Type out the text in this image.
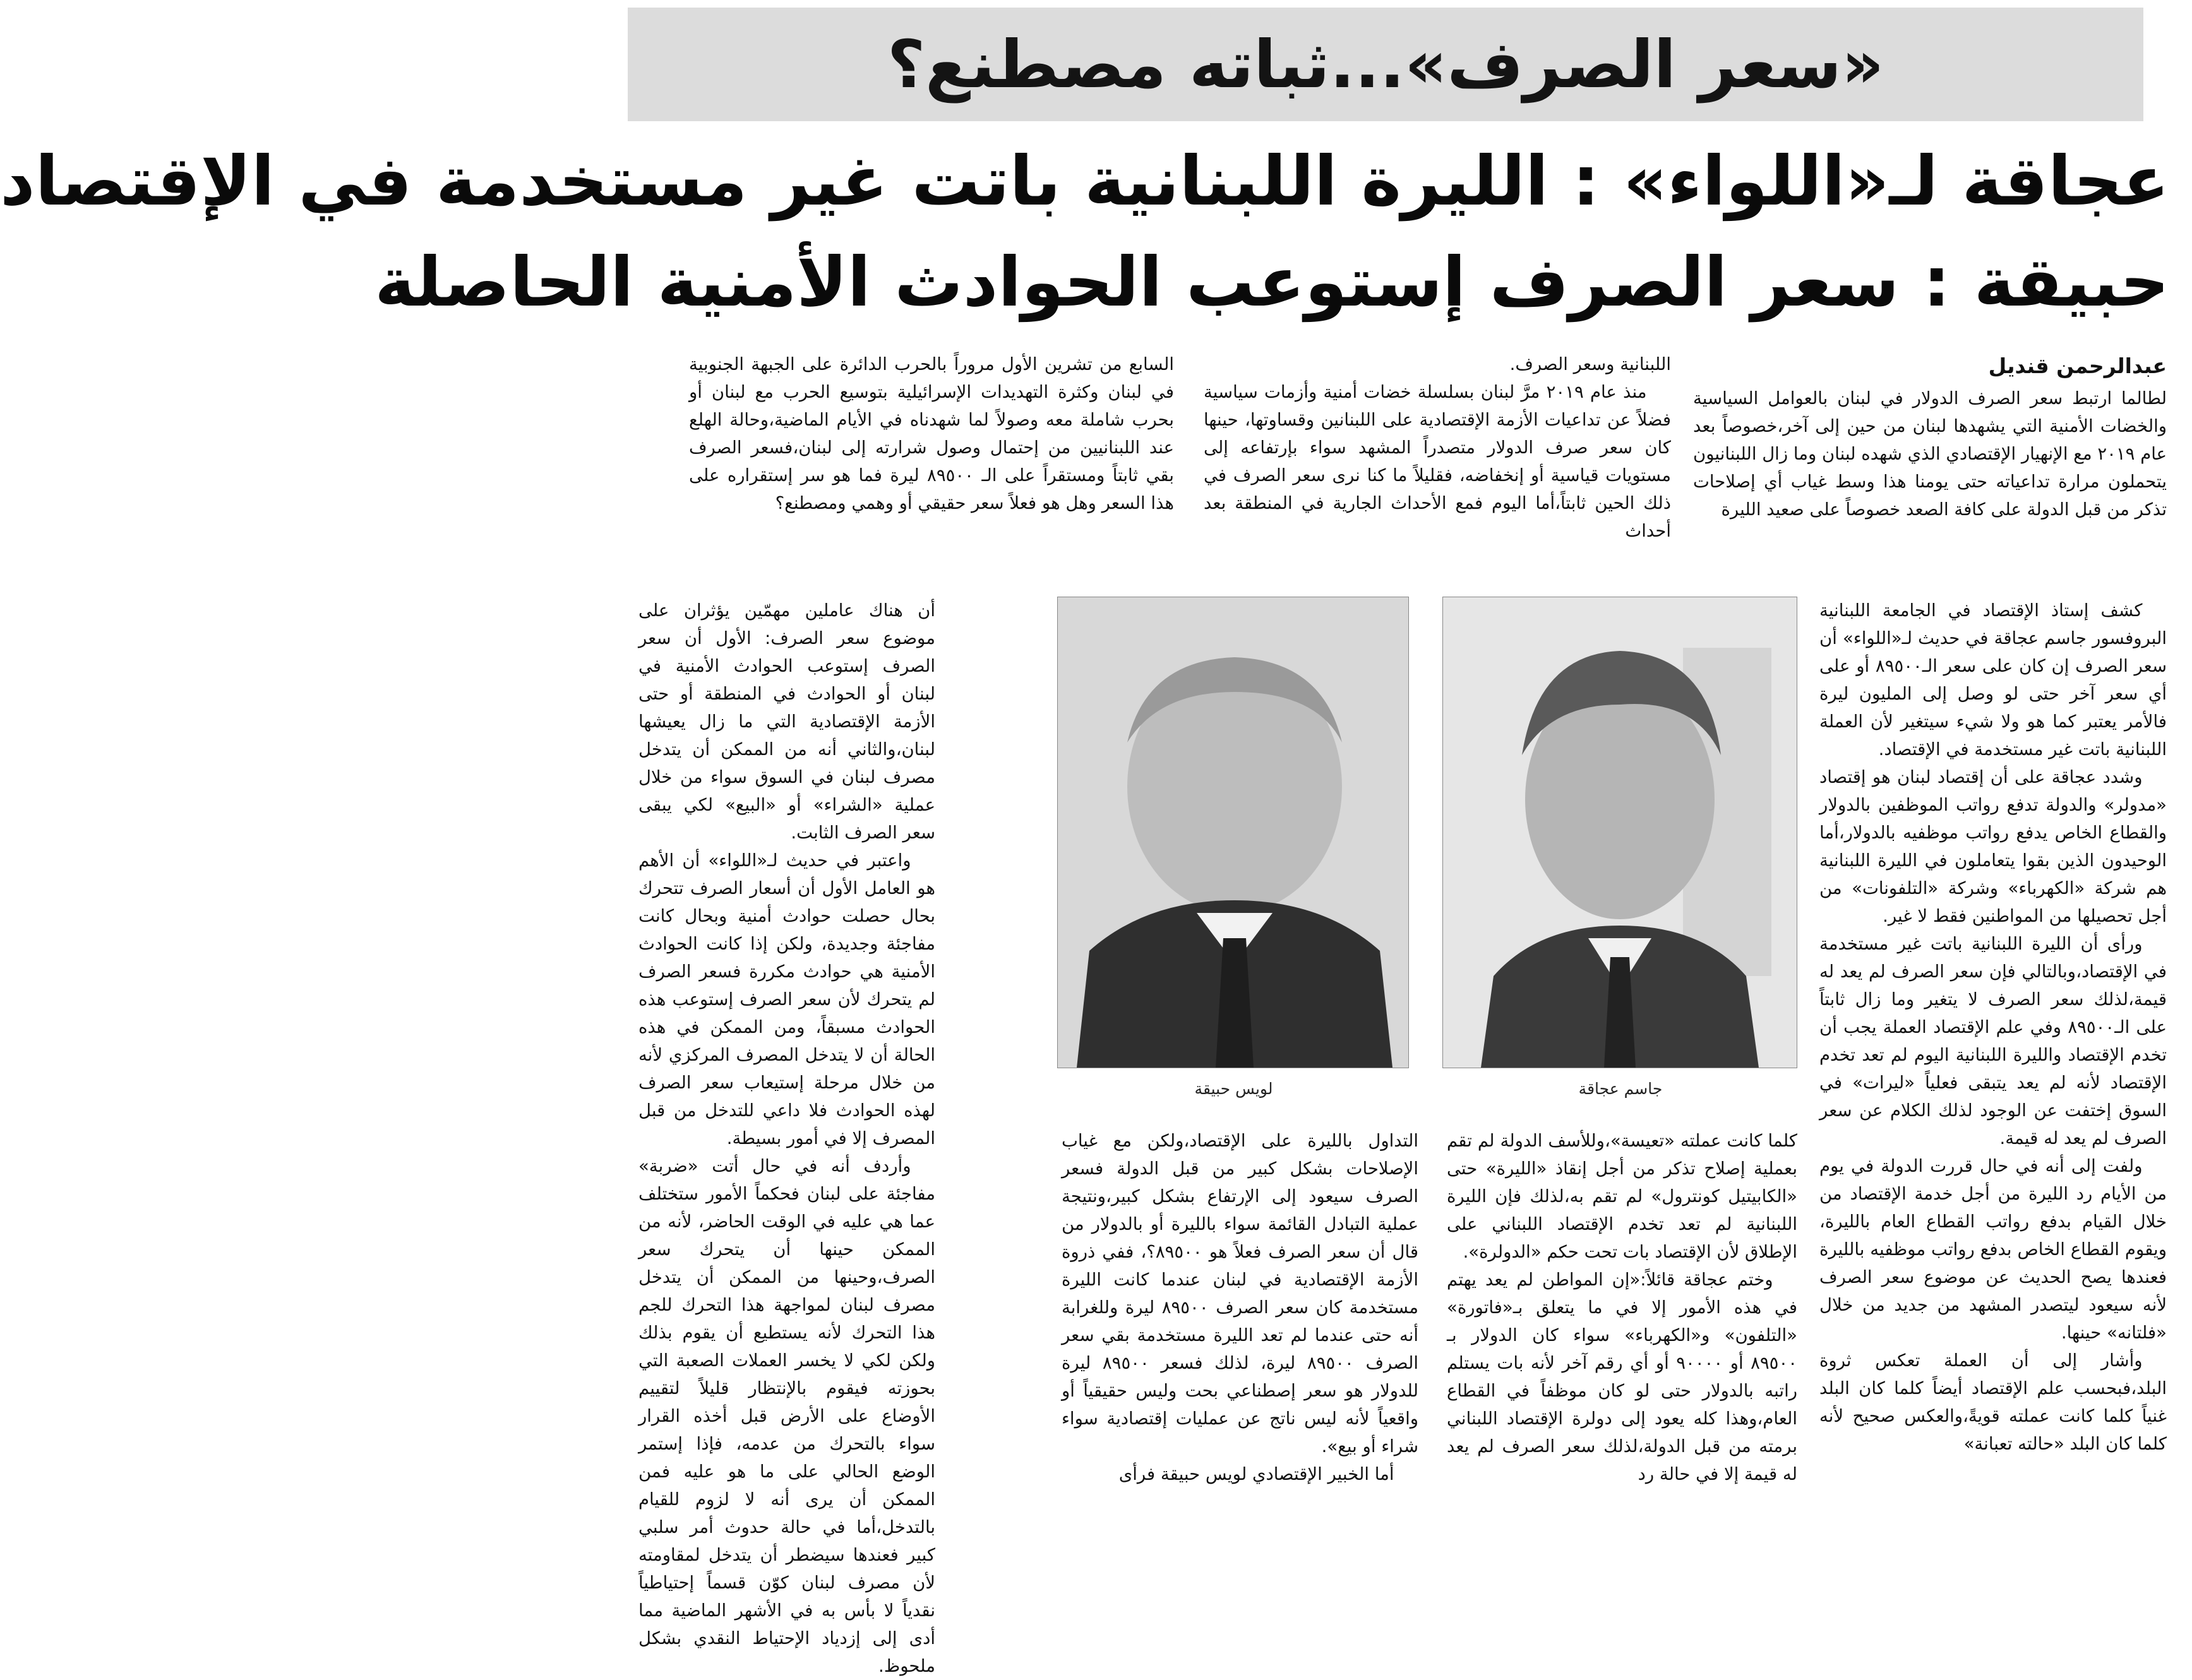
«سعر الصرف»...ثباته مصطنع؟
عجاقة لـ«اللواء» : الليرة اللبنانية باتت غير مستخدمة في الإقتصاد
حبيقة : سعر الصرف إستوعب الحوادث الأمنية الحاصلة
عبدالرحمن قنديل

لطالما ارتبط سعر الصرف الدولار في لبنان بالعوامل السياسية والخضات الأمنية التي يشهدها لبنان من حين إلى آخر،خصوصاً بعد عام ٢٠١٩ مع الإنهيار الإقتصادي الذي شهده لبنان وما زال اللبنانيون يتحملون مرارة تداعياته حتى يومنا هذا وسط غياب أي إصلاحات تذكر من قبل الدولة على كافة الصعد خصوصاً على صعيد الليرة

اللبنانية وسعر الصرف.

منذ عام ٢٠١٩ مرَّ لبنان بسلسلة خضات أمنية وأزمات سياسية فضلاً عن تداعيات الأزمة الإقتصادية على اللبنانين وقساوتها، حينها كان سعر صرف الدولار متصدراً المشهد سواء بإرتفاعه إلى مستويات قياسية أو إنخفاضه، فقليلاً ما كنا نرى سعر الصرف في ذلك الحين ثابتاً،أما اليوم فمع الأحداث الجارية في المنطقة بعد أحداث

السابع من تشرين الأول مروراً بالحرب الدائرة على الجبهة الجنوبية في لبنان وكثرة التهديدات الإسرائيلية بتوسيع الحرب مع لبنان أو بحرب شاملة معه وصولاً لما شهدناه في الأيام الماضية،وحالة الهلع عند اللبنانيين من إحتمال وصول شرارته إلى لبنان،فسعر الصرف بقي ثابتاً ومستقراً على الـ ٨٩٥٠٠ ليرة فما هو سر إستقراره على هذا السعر وهل هو فعلاً سعر حقيقي أو وهمي ومصطنع؟

كشف إستاذ الإقتصاد في الجامعة اللبنانية البروفسور جاسم عجاقة في حديث لـ«اللواء» أن سعر الصرف إن كان على سعر الـ٨٩٥٠٠ أو على أي سعر آخر حتى لو وصل إلى المليون ليرة فالأمر يعتبر كما هو ولا شيء سيتغير لأن العملة اللبنانية باتت غير مستخدمة في الإقتصاد.

وشدد عجاقة على أن إقتصاد لبنان هو إقتصاد «مدولر» والدولة تدفع رواتب الموظفين بالدولار والقطاع الخاص يدفع رواتب موظفيه بالدولار،أما الوحيدون الذين بقوا يتعاملون في الليرة اللبنانية هم شركة «الكهرباء» وشركة «التلفونات» من أجل تحصيلها من المواطنين فقط لا غير.

ورأى أن الليرة اللبنانية باتت غير مستخدمة في الإقتصاد،وبالتالي فإن سعر الصرف لم يعد له قيمة،لذلك سعر الصرف لا يتغير وما زال ثابتاً على الـ٨٩٥٠٠ وفي علم الإقتصاد العملة يجب أن تخدم الإقتصاد والليرة اللبنانية اليوم لم تعد تخدم الإقتصاد لأنه لم يعد يتبقى فعلياً «ليرات» في السوق إختفت عن الوجود لذلك الكلام عن سعر الصرف لم يعد له قيمة.

ولفت إلى أنه في حال قررت الدولة في يوم من الأيام رد الليرة من أجل خدمة الإقتصاد من خلال القيام بدفع رواتب القطاع العام بالليرة، ويقوم القطاع الخاص بدفع رواتب موظفيه بالليرة فعندها يصح الحديث عن موضوع سعر الصرف لأنه سيعود ليتصدر المشهد من جديد من خلال «فلتانه» حينها.

وأشار إلى أن العملة تعكس ثروة البلد،فبحسب علم الإقتصاد أيضاً كلما كان البلد غنياً كلما كانت عملته قويةً،والعكس صحيح لأنه كلما كان البلد «حالته تعبانة»

جاسم عجاقة
لويس حبيقة

كلما كانت عملته «تعيسة»،وللأسف الدولة لم تقم بعملية إصلاح تذكر من أجل إنقاذ «الليرة» حتى «الكابيتيل كونترول» لم تقم به،لذلك فإن الليرة اللبنانية لم تعد تخدم الإقتصاد اللبناني على الإطلاق لأن الإقتصاد بات تحت حكم «الدولرة».

وختم عجاقة قائلاً:«إن المواطن لم يعد يهتم في هذه الأمور إلا في ما يتعلق بـ«فاتورة» «التلفون» و«الكهرباء» سواء كان الدولار بـ ٨٩٥٠٠ أو ٩٠٠٠٠ أو أي رقم آخر لأنه بات يستلم راتبه بالدولار حتى لو كان موظفاً في القطاع العام،وهذا كله يعود إلى دولرة الإقتصاد اللبناني برمته من قبل الدولة،لذلك سعر الصرف لم يعد له قيمة إلا في حالة رد

التداول بالليرة على الإقتصاد،ولكن مع غياب الإصلاحات بشكل كبير من قبل الدولة فسعر الصرف سيعود إلى الإرتفاع بشكل كبير،ونتيجة عملية التبادل القائمة سواء بالليرة أو بالدولار من قال أن سعر الصرف فعلاً هو ٨٩٥٠٠؟، ففي ذروة الأزمة الإقتصادية في لبنان عندما كانت الليرة مستخدمة كان سعر الصرف ٨٩٥٠٠ ليرة وللغرابة أنه حتى عندما لم تعد الليرة مستخدمة بقي سعر الصرف ٨٩٥٠٠ ليرة، لذلك فسعر ٨٩٥٠٠ ليرة للدولار هو سعر إصطناعي بحت وليس حقيقياً أو واقعياً لأنه ليس ناتج عن عمليات إقتصادية سواء شراء أو بيع».

أما الخبير الإقتصادي لويس حبيقة فرأى

أن هناك عاملين مهمّين يؤثران على موضوع سعر الصرف: الأول أن سعر الصرف إستوعب الحوادث الأمنية في لبنان أو الحوادث في المنطقة أو حتى الأزمة الإقتصادية التي ما زال يعيشها لبنان،والثاني أنه من الممكن أن يتدخل مصرف لبنان في السوق سواء من خلال عملية «الشراء» أو «البيع» لكي يبقى سعر الصرف الثابت.

واعتبر في حديث لـ«اللواء» أن الأهم هو العامل الأول أن أسعار الصرف تتحرك بحال حصلت حوادث أمنية وبحال كانت مفاجئة وجديدة، ولكن إذا كانت الحوادث الأمنية هي حوادث مكررة فسعر الصرف لم يتحرك لأن سعر الصرف إستوعب هذه الحوادث مسبقاً، ومن الممكن في هذه الحالة أن لا يتدخل المصرف المركزي لأنه من خلال مرحلة إستيعاب سعر الصرف لهذه الحوادث فلا داعي للتدخل من قبل المصرف إلا في أمور بسيطة.

وأردف أنه في حال أتت «ضربة» مفاجئة على لبنان فحكماً الأمور ستختلف عما هي عليه في الوقت الحاضر، لأنه من الممكن حينها أن يتحرك سعر الصرف،وحينها من الممكن أن يتدخل مصرف لبنان لمواجهة هذا التحرك للجم هذا التحرك لأنه يستطيع أن يقوم بذلك ولكن لكي لا يخسر العملات الصعبة التي بحوزته فيقوم بالإنتظار قليلاً لتقييم الأوضاع على الأرض قبل أخذه القرار سواء بالتحرك من عدمه، فإذا إستمر الوضع الحالي على ما هو عليه فمن الممكن أن يرى أنه لا لزوم للقيام بالتدخل،أما في حالة حدوث أمر سلبي كبير فعندها سيضطر أن يتدخل لمقاومته لأن مصرف لبنان كوّن قسماً إحتياطياً نقدياً لا بأس به في الأشهر الماضية مما أدى إلى إزدياد الإحتياط النقدي بشكل ملحوظ.
